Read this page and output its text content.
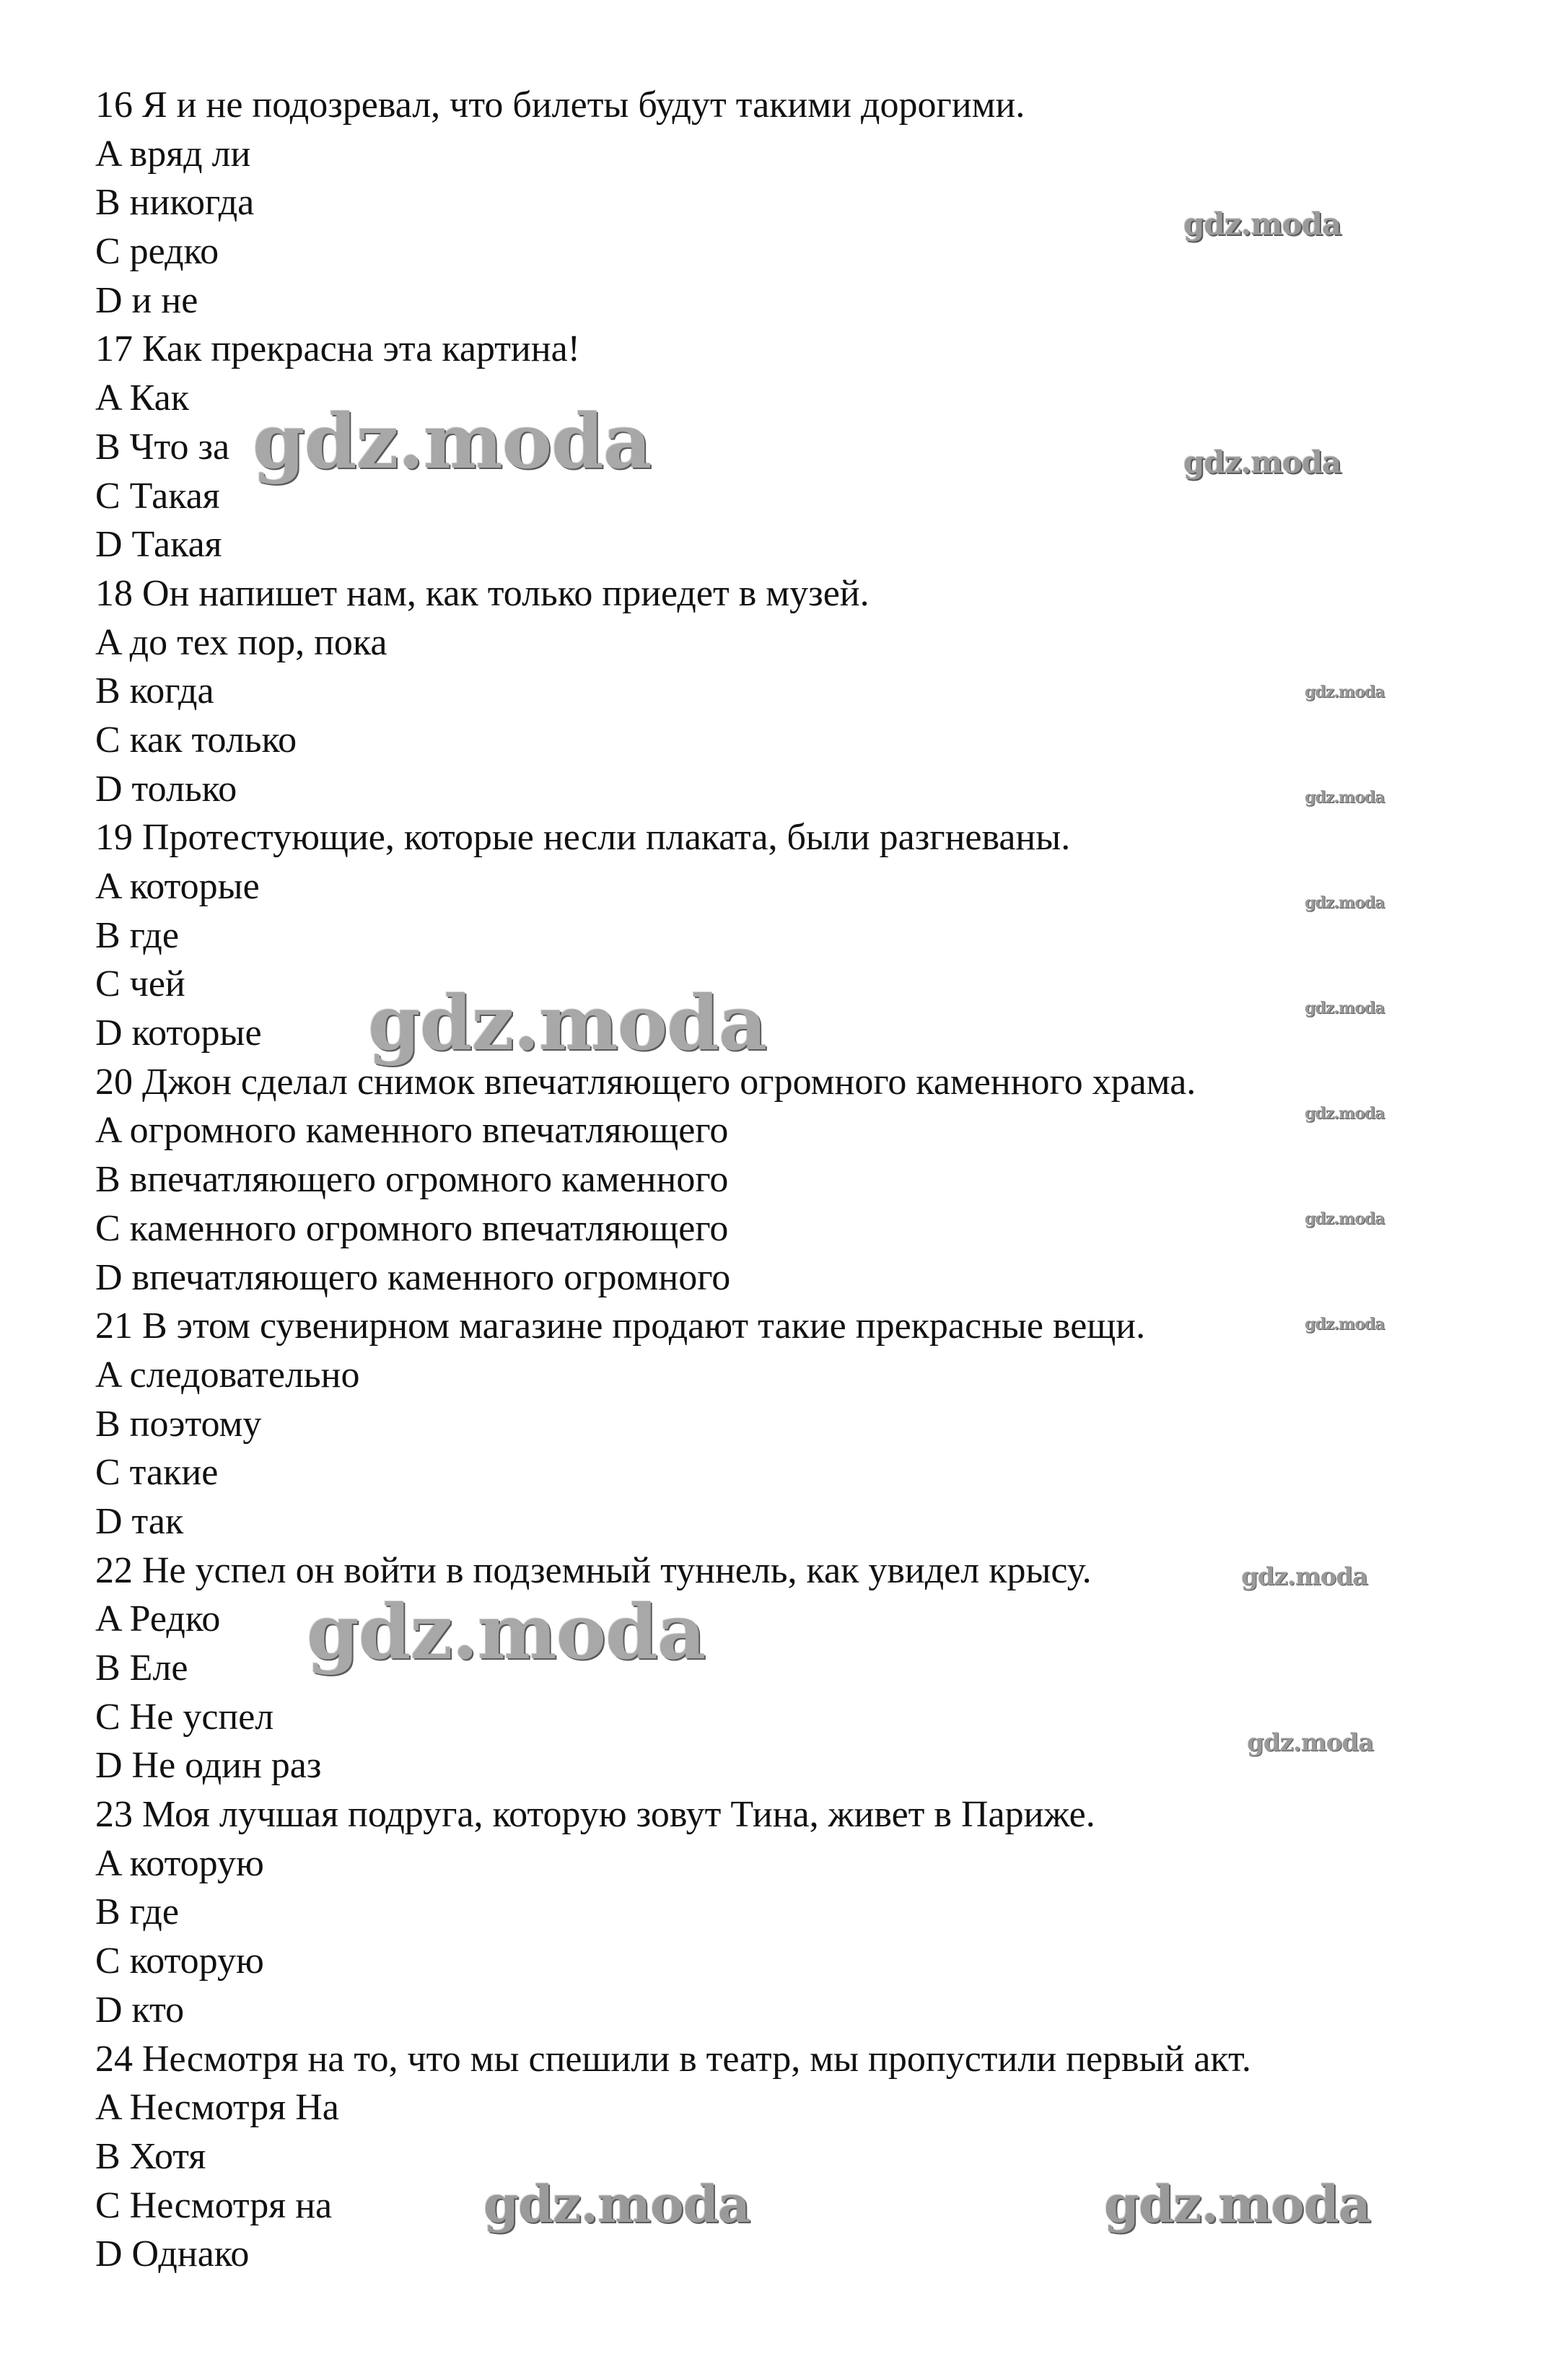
16 Я и не подозревал, что билеты будут такими дорогими.
A вряд ли
B никогда
C редко
D и не
17 Как прекрасна эта картина!
A Как
B Что за
C Такая
D Такая
18 Он напишет нам, как только приедет в музей.
A до тех пор, пока
B когда
C как только
D только
19 Протестующие, которые несли плаката, были разгневаны.
A которые
B где
C чей
D которые
20 Джон сделал снимок впечатляющего огромного каменного храма.
A огромного каменного впечатляющего
B впечатляющего огромного каменного
C каменного огромного впечатляющего
D впечатляющего каменного огромного
21 В этом сувенирном магазине продают такие прекрасные вещи.
A следовательно
B поэтому
C такие
D так
22 Не успел он войти в подземный туннель, как увидел крысу.
A Редко
B Еле
C Не успел
D Не один раз
23 Моя лучшая подруга, которую зовут Тина, живет в Париже.
A которую
B где
C которую
D кто
24 Несмотря на то, что мы спешили в театр, мы пропустили первый акт.
A Несмотря На
B Хотя
C Несмотря на
D Однако
gdz.moda
gdz.moda	gdz.moda
gdz.moda
gdz.moda
gdz.moda
gdz.moda	gdz.moda
gdz.moda
gdz.moda
gdz.moda
gdz.moda
gdz.moda
gdz.moda
gdz.moda	gdz.moda
